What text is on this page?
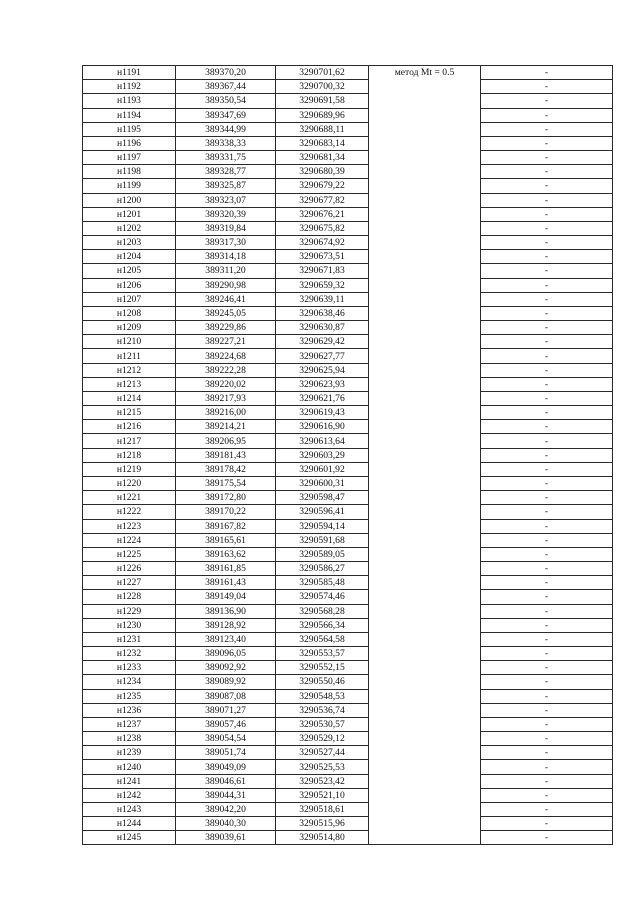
н1191	389370,20	3290701,62	метод Mt = 0.5	-
н1192	389367,44	3290700,32		-
н1193	389350,54	3290691,58		-
н1194	389347,69	3290689,96		-
н1195	389344,99	3290688,11		-
н1196	389338,33	3290683,14		-
н1197	389331,75	3290681,34		-
н1198	389328,77	3290680,39		-
н1199	389325,87	3290679,22		-
н1200	389323,07	3290677,82		-
н1201	389320,39	3290676,21		-
н1202	389319,84	3290675,82		-
н1203	389317,30	3290674,92		-
н1204	389314,18	3290673,51		-
н1205	389311,20	3290671,83		-
н1206	389290,98	3290659,32		-
н1207	389246,41	3290639,11		-
н1208	389245,05	3290638,46		-
н1209	389229,86	3290630,87		-
н1210	389227,21	3290629,42		-
н1211	389224,68	3290627,77		-
н1212	389222,28	3290625,94		-
н1213	389220,02	3290623,93		-
н1214	389217,93	3290621,76		-
н1215	389216,00	3290619,43		-
н1216	389214,21	3290616,90		-
н1217	389206,95	3290613,64		-
н1218	389181,43	3290603,29		-
н1219	389178,42	3290601,92		-
н1220	389175,54	3290600,31		-
н1221	389172,80	3290598,47		-
н1222	389170,22	3290596,41		-
н1223	389167,82	3290594,14		-
н1224	389165,61	3290591,68		-
н1225	389163,62	3290589,05		-
н1226	389161,85	3290586,27		-
н1227	389161,43	3290585,48		-
н1228	389149,04	3290574,46		-
н1229	389136,90	3290568,28		-
н1230	389128,92	3290566,34		-
н1231	389123,40	3290564,58		-
н1232	389096,05	3290553,57		-
н1233	389092,92	3290552,15		-
н1234	389089,92	3290550,46		-
н1235	389087,08	3290548,53		-
н1236	389071,27	3290536,74		-
н1237	389057,46	3290530,57		-
н1238	389054,54	3290529,12		-
н1239	389051,74	3290527,44		-
н1240	389049,09	3290525,53		-
н1241	389046,61	3290523,42		-
н1242	389044,31	3290521,10		-
н1243	389042,20	3290518,61		-
н1244	389040,30	3290515,96		-
н1245	389039,61	3290514,80		-
